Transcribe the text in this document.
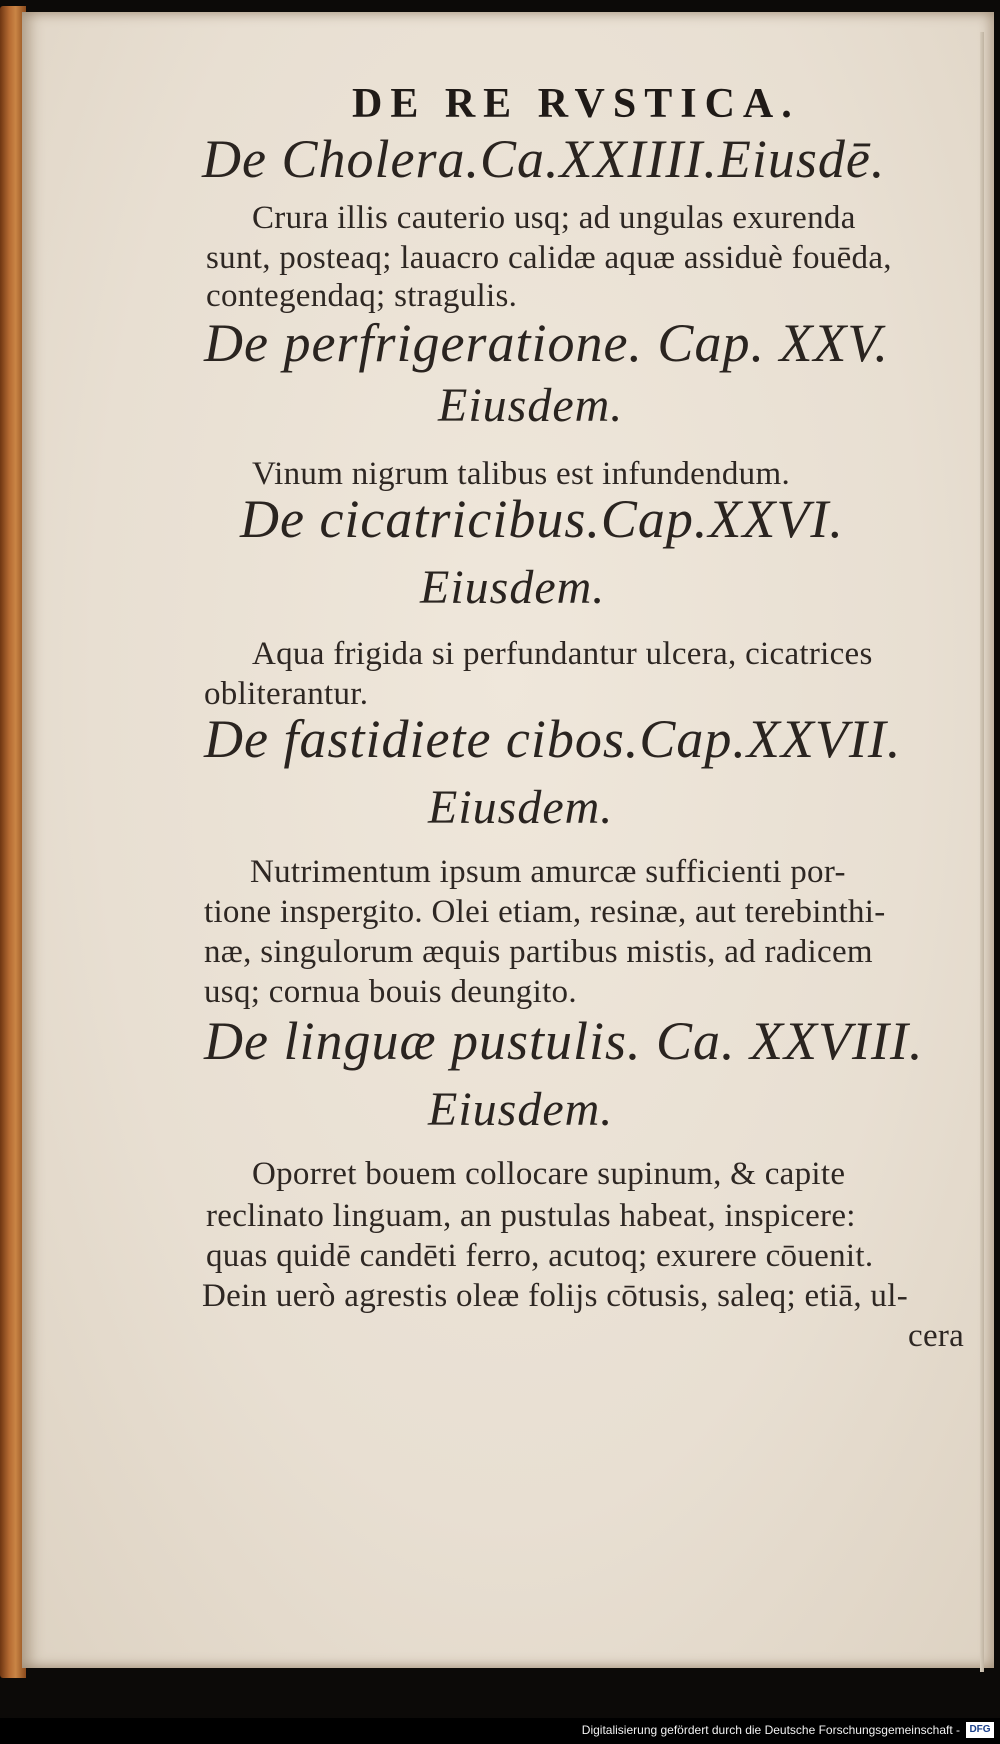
DE RE RVSTICA.
De Cholera.Ca.XXIIII.Eiusdē.
Crura illis cauterio usq; ad ungulas exurenda
sunt, posteaq; lauacro calidæ aquæ assiduè fouēda,
contegendaq; stragulis.
De perfrigeratione. Cap. XXV.
Eiusdem.
Vinum nigrum talibus est infundendum.
De cicatricibus.Cap.XXVI.
Eiusdem.
Aqua frigida si perfundantur ulcera, cicatrices
obliterantur.
De fastidiete cibos.Cap.XXVII.
Eiusdem.
Nutrimentum ipsum amurcæ sufficienti por-
tione inspergito. Olei etiam, resinæ, aut terebinthi-
næ, singulorum æquis partibus mistis, ad radicem
usq; cornua bouis deungito.
De linguæ pustulis. Ca. XXVIII.
Eiusdem.
Oporret bouem collocare supinum, & capite
reclinato linguam, an pustulas habeat, inspicere:
quas quidē candēti ferro, acutoq; exurere cōuenit.
Dein uerò agrestis oleæ folijs cōtusis, saleq; etiā, ul-
cera
Digitalisierung gefördert durch die Deutsche Forschungsgemeinschaft - DFG
